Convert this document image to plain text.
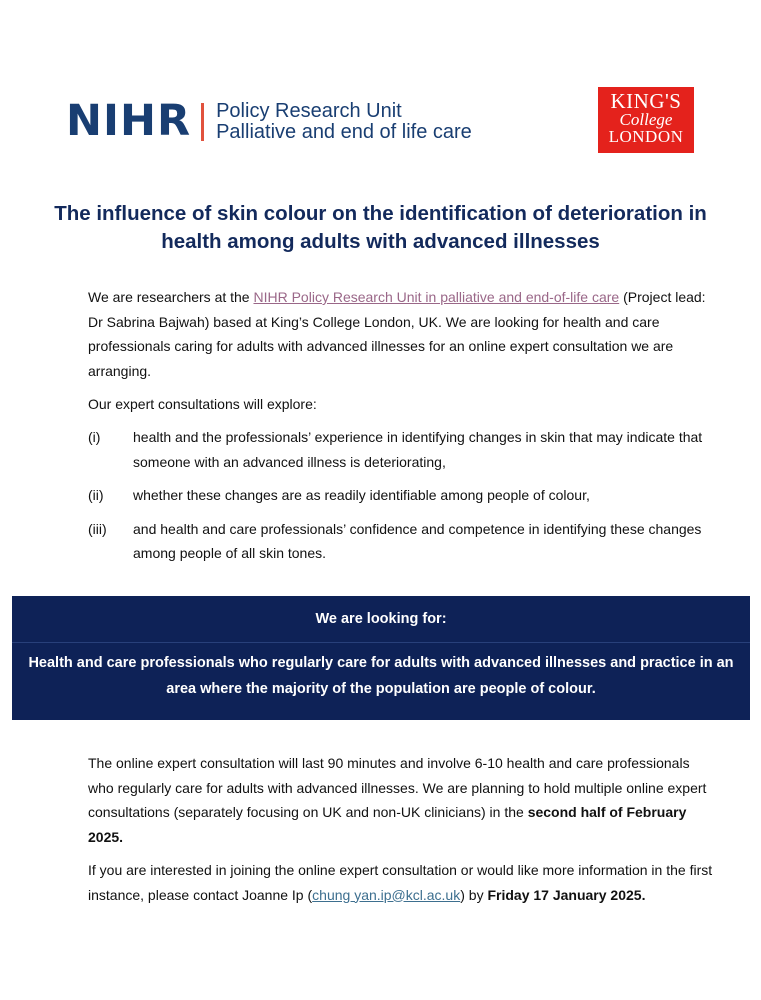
NIHR Policy Research Unit
Palliative and end of life care
KING'S
College
LONDON
The influence of skin colour on the identification of deterioration in health among adults with advanced illnesses

We are researchers at the NIHR Policy Research Unit in palliative and end-of-life care (Project lead: Dr Sabrina Bajwah) based at King’s College London, UK. We are looking for health and care professionals caring for adults with advanced illnesses for an online expert consultation we are arranging.

Our expert consultations will explore:

(i)	health and the professionals’ experience in identifying changes in skin that may indicate that someone with an advanced illness is deteriorating,
(ii)	whether these changes are as readily identifiable among people of colour,
(iii)	and health and care professionals’ confidence and competence in identifying these changes among people of all skin tones.
We are looking for:
Health and care professionals who regularly care for adults with advanced illnesses and practice in an area where the majority of the population are people of colour.

The online expert consultation will last 90 minutes and involve 6-10 health and care professionals who regularly care for adults with advanced illnesses. We are planning to hold multiple online expert consultations (separately focusing on UK and non-UK clinicians) in the second half of February 2025.

If you are interested in joining the online expert consultation or would like more information in the first instance, please contact Joanne Ip (chung yan.ip@kcl.ac.uk) by Friday 17 January 2025.
